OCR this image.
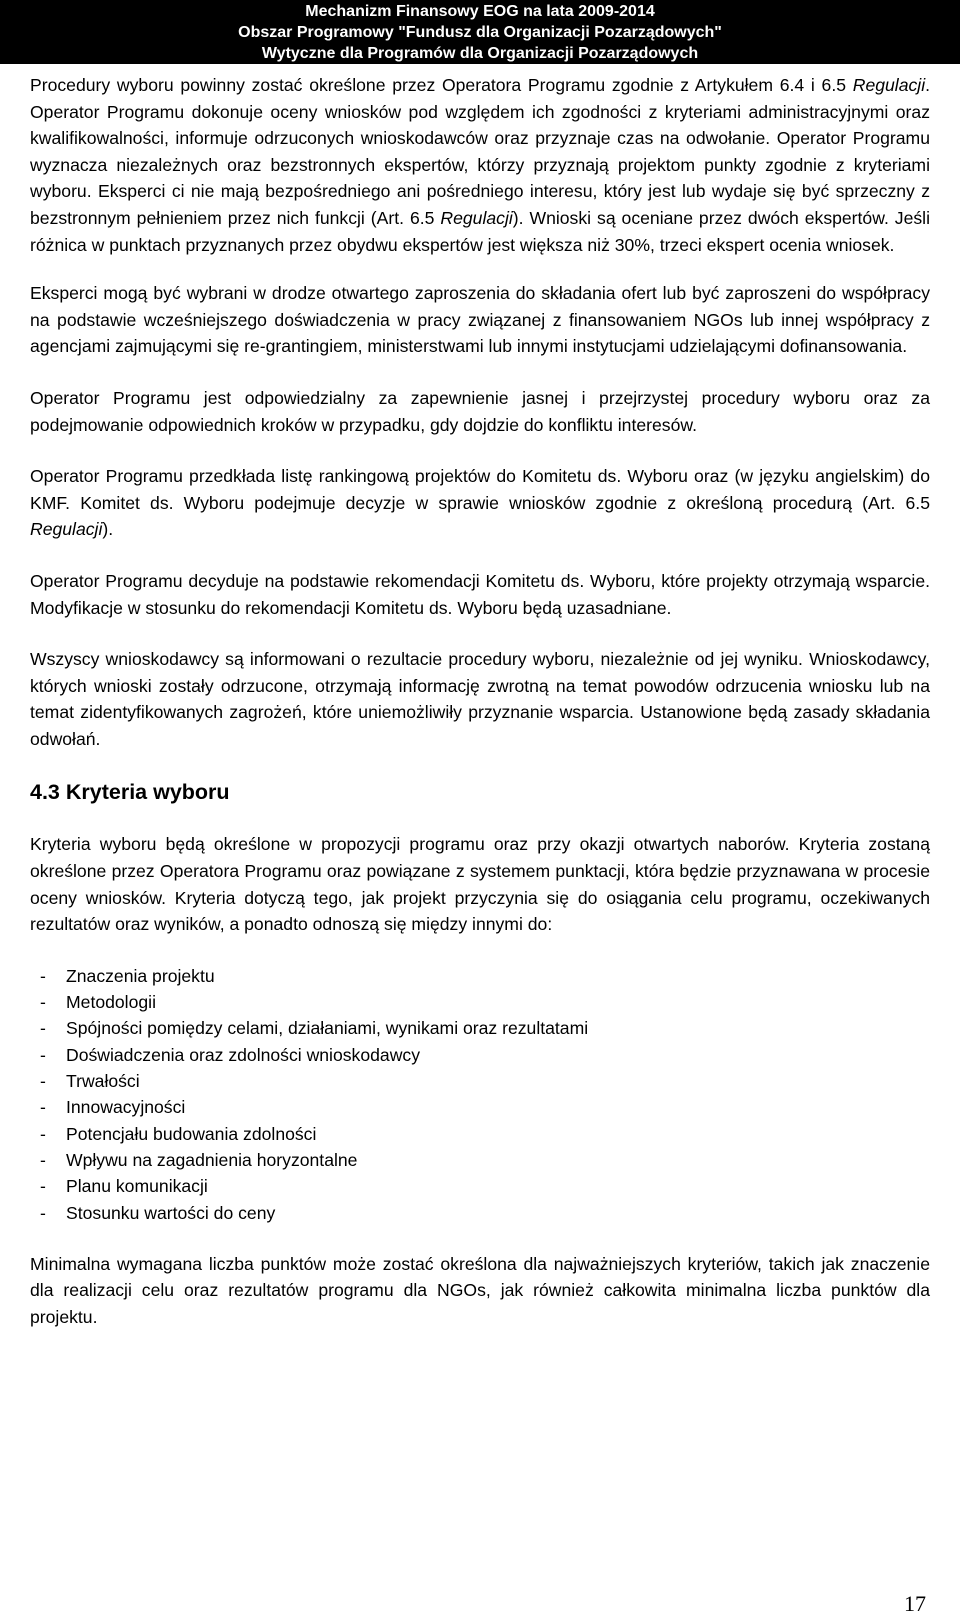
Mechanizm Finansowy EOG na lata 2009-2014
Obszar Programowy "Fundusz dla Organizacji Pozarządowych"
Wytyczne dla Programów dla Organizacji Pozarządowych

Procedury wyboru powinny zostać określone przez Operatora Programu zgodnie z Artykułem 6.4 i 6.5 Regulacji. Operator Programu dokonuje oceny wniosków pod względem ich zgodności z kryteriami administracyjnymi oraz kwalifikowalności, informuje odrzuconych wnioskodawców oraz przyznaje czas na odwołanie. Operator Programu wyznacza niezależnych oraz bezstronnych ekspertów, którzy przyznają projektom punkty zgodnie z kryteriami wyboru. Eksperci ci nie mają bezpośredniego ani pośredniego interesu, który jest lub wydaje się być sprzeczny z bezstronnym pełnieniem przez nich funkcji (Art. 6.5 Regulacji). Wnioski są oceniane przez dwóch ekspertów. Jeśli różnica w punktach przyznanych przez obydwu ekspertów jest większa niż 30%, trzeci ekspert ocenia wniosek.

Eksperci mogą być wybrani w drodze otwartego zaproszenia do składania ofert lub być zaproszeni do współpracy na podstawie wcześniejszego doświadczenia w pracy związanej z finansowaniem NGOs lub innej współpracy z agencjami zajmującymi się re-grantingiem, ministerstwami lub innymi instytucjami udzielającymi dofinansowania.

Operator Programu jest odpowiedzialny za zapewnienie jasnej i przejrzystej procedury wyboru oraz za podejmowanie odpowiednich kroków w przypadku, gdy dojdzie do konfliktu interesów.

Operator Programu przedkłada listę rankingową projektów do Komitetu ds. Wyboru oraz (w języku angielskim) do KMF. Komitet ds. Wyboru podejmuje decyzje w sprawie wniosków zgodnie z określoną procedurą (Art. 6.5 Regulacji).

Operator Programu decyduje na podstawie rekomendacji Komitetu ds. Wyboru, które projekty otrzymają wsparcie. Modyfikacje w stosunku do rekomendacji Komitetu ds. Wyboru będą uzasadniane.

Wszyscy wnioskodawcy są informowani o rezultacie procedury wyboru, niezależnie od jej wyniku. Wnioskodawcy, których wnioski zostały odrzucone, otrzymają informację zwrotną na temat powodów odrzucenia wniosku lub na temat zidentyfikowanych zagrożeń, które uniemożliwiły przyznanie wsparcia. Ustanowione będą zasady składania odwołań.

4.3 Kryteria wyboru

Kryteria wyboru będą określone w propozycji programu oraz przy okazji otwartych naborów. Kryteria zostaną określone przez Operatora Programu oraz powiązane z systemem punktacji, która będzie przyznawana w procesie oceny wniosków. Kryteria dotyczą tego, jak projekt przyczynia się do osiągania celu programu, oczekiwanych rezultatów oraz wyników, a ponadto odnoszą się między innymi do:

- Znaczenia projektu
- Metodologii
- Spójności pomiędzy celami, działaniami, wynikami oraz rezultatami
- Doświadczenia oraz zdolności wnioskodawcy
- Trwałości
- Innowacyjności
- Potencjału budowania zdolności
- Wpływu na zagadnienia horyzontalne
- Planu komunikacji
- Stosunku wartości do ceny

Minimalna wymagana liczba punktów może zostać określona dla najważniejszych kryteriów, takich jak znaczenie dla realizacji celu oraz rezultatów programu dla NGOs, jak również całkowita minimalna liczba punktów dla projektu.

17
